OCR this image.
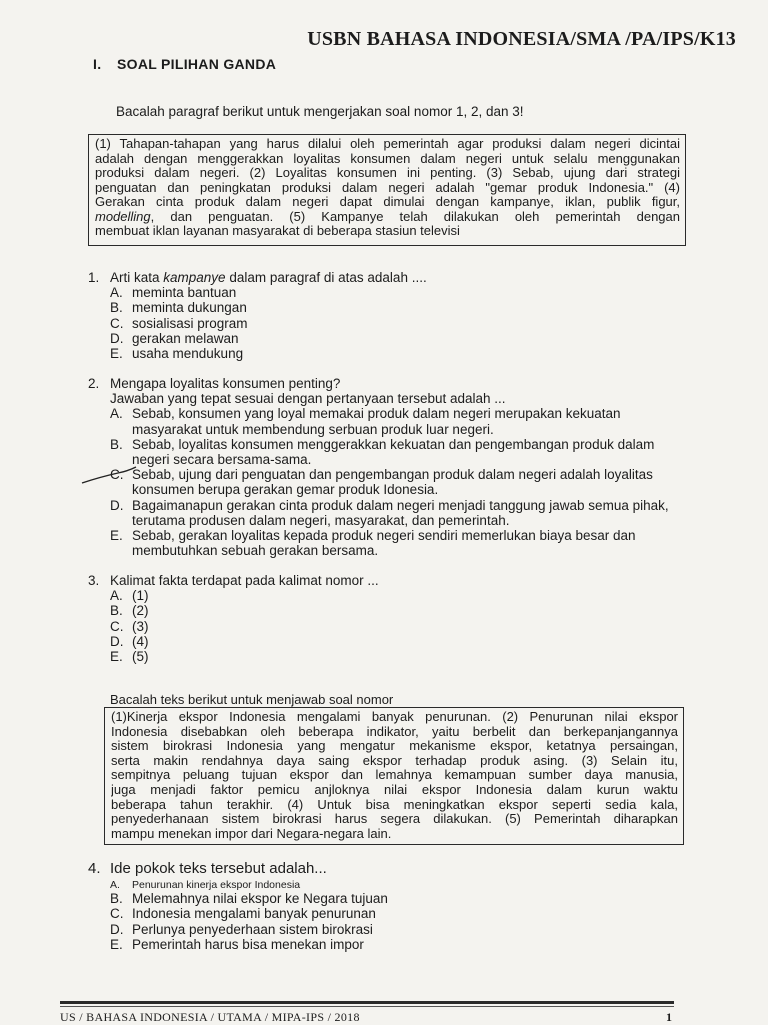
USBN BAHASA INDONESIA/SMA /PA/IPS/K13
I. SOAL PILIHAN GANDA
Bacalah paragraf berikut untuk mengerjakan soal nomor 1, 2, dan 3!
(1) Tahapan-tahapan yang harus dilalui oleh pemerintah agar produksi dalam negeri dicintai
adalah dengan menggerakkan loyalitas konsumen dalam negeri untuk selalu menggunakan
produksi dalam negeri. (2) Loyalitas konsumen ini penting. (3) Sebab, ujung dari strategi
penguatan dan peningkatan produksi dalam negeri adalah "gemar produk Indonesia." (4)
Gerakan cinta produk dalam negeri dapat dimulai dengan kampanye, iklan, publik figur,
modelling, dan penguatan. (5) Kampanye telah dilakukan oleh pemerintah dengan
membuat iklan layanan masyarakat di beberapa stasiun televisi
1. Arti kata kampanye dalam paragraf di atas adalah ....
A. meminta bantuan
B. meminta dukungan
C. sosialisasi program
D. gerakan melawan
E. usaha mendukung
2. Mengapa loyalitas konsumen penting?
Jawaban yang tepat sesuai dengan pertanyaan tersebut adalah ...
A. Sebab, konsumen yang loyal memakai produk dalam negeri merupakan kekuatan masyarakat untuk membendung serbuan produk luar negeri.
B. Sebab, loyalitas konsumen menggerakkan kekuatan dan pengembangan produk dalam negeri secara bersama-sama.
C. Sebab, ujung dari penguatan dan pengembangan produk dalam negeri adalah loyalitas konsumen berupa gerakan gemar produk Idonesia.
D. Bagaimanapun gerakan cinta produk dalam negeri menjadi tanggung jawab semua pihak, terutama produsen dalam negeri, masyarakat, dan pemerintah.
E. Sebab, gerakan loyalitas kepada produk negeri sendiri memerlukan biaya besar dan membutuhkan sebuah gerakan bersama.
3. Kalimat fakta terdapat pada kalimat nomor ...
A. (1)
B. (2)
C. (3)
D. (4)
E. (5)
Bacalah teks berikut untuk menjawab soal nomor
(1)Kinerja ekspor Indonesia mengalami banyak penurunan. (2) Penurunan nilai ekspor
Indonesia disebabkan oleh beberapa indikator, yaitu berbelit dan berkepanjangannya
sistem birokrasi Indonesia yang mengatur mekanisme ekspor, ketatnya persaingan,
serta makin rendahnya daya saing ekspor terhadap produk asing. (3) Selain itu,
sempitnya peluang tujuan ekspor dan lemahnya kemampuan sumber daya manusia,
juga menjadi faktor pemicu anjloknya nilai ekspor Indonesia dalam kurun waktu
beberapa tahun terakhir. (4) Untuk bisa meningkatkan ekspor seperti sedia kala,
penyederhanaan sistem birokrasi harus segera dilakukan. (5) Pemerintah diharapkan
mampu menekan impor dari Negara-negara lain.
4. Ide pokok teks tersebut adalah...
A.	Penurunan kinerja ekspor Indonesia
B. Melemahnya nilai ekspor ke Negara tujuan
C. Indonesia mengalami banyak penurunan
D. Perlunya penyederhaan sistem birokrasi
E. Pemerintah harus bisa menekan impor
US / BAHASA INDONESIA / UTAMA / MIPA-IPS / 2018	1
